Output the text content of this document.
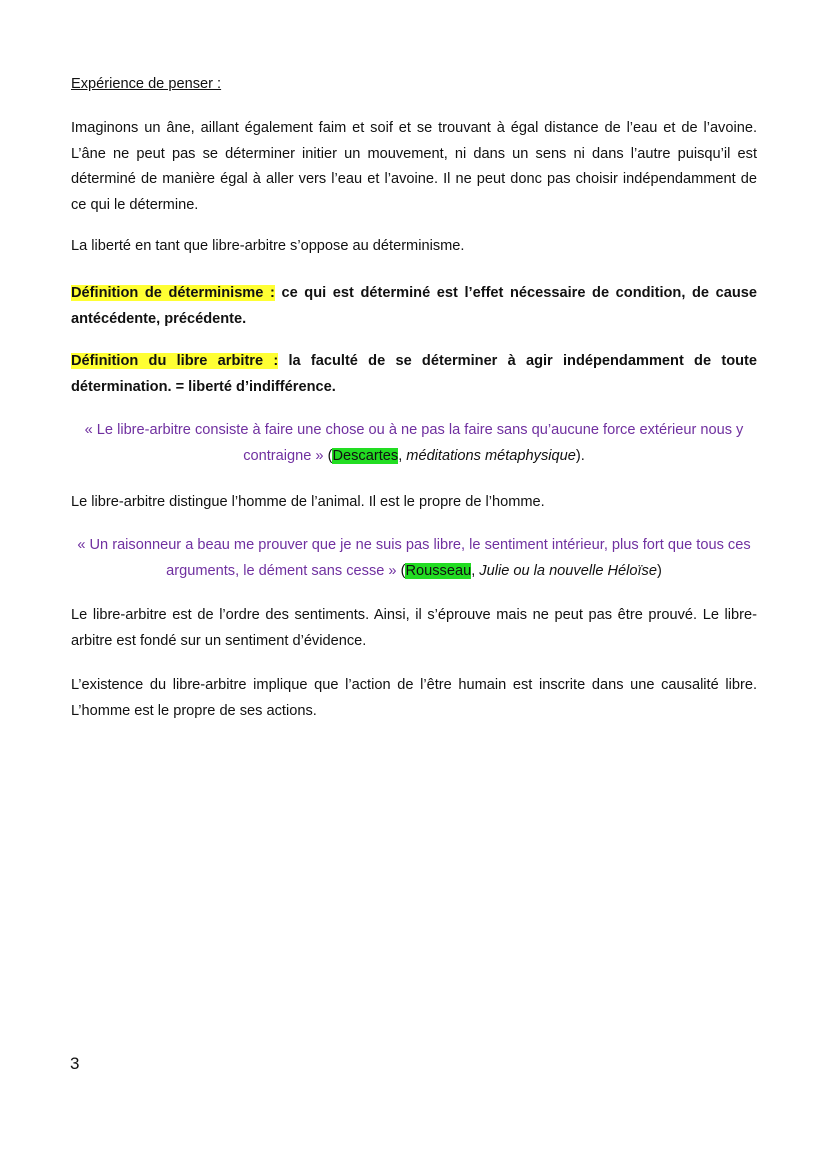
Expérience de penser :
Imaginons un âne, aillant également faim et soif et se trouvant à égal distance de l’eau et de l’avoine. L’âne ne peut pas se déterminer initier un mouvement, ni dans un sens ni dans l’autre puisqu’il est déterminé de manière égal à aller vers l’eau et l’avoine. Il ne peut donc pas choisir indépendamment de ce qui le détermine.
La liberté en tant que libre-arbitre s’oppose au déterminisme.
Définition de déterminisme : ce qui est déterminé est l’effet nécessaire de condition, de cause antécédente, précédente.
Définition du libre arbitre : la faculté de se déterminer à agir indépendamment de toute détermination. = liberté d’indifférence.
« Le libre-arbitre consiste à faire une chose ou à ne pas la faire sans qu’aucune force extérieur nous y contraigne » (Descartes, méditations métaphysique).
Le libre-arbitre distingue l’homme de l’animal. Il est le propre de l’homme.
« Un raisonneur a beau me prouver que je ne suis pas libre, le sentiment intérieur, plus fort que tous ces arguments, le dément sans cesse » (Rousseau, Julie ou la nouvelle Héloïse)
Le libre-arbitre est de l’ordre des sentiments. Ainsi, il s’éprouve mais ne peut pas être prouvé. Le libre-arbitre est fondé sur un sentiment d’évidence.
L’existence du libre-arbitre implique que l’action de l’être humain est inscrite dans une causalité libre. L’homme est le propre de ses actions.
3
